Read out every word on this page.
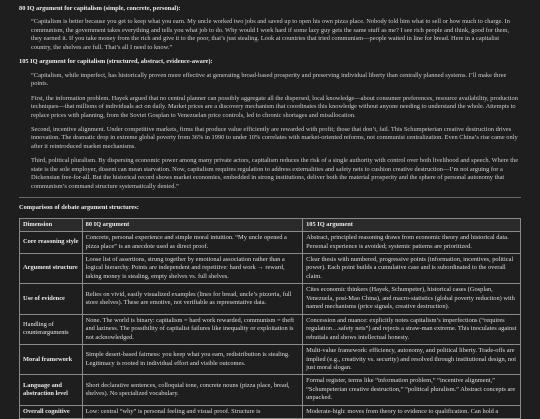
80 IQ argument for capitalism (simple, concrete, personal):

“Capitalism is better because you get to keep what you earn. My uncle worked two jobs and saved up to open his own pizza place. Nobody told him what to sell or how much to charge. In communism, the government takes everything and tells you what job to do. Why would I work hard if some lazy guy gets the same stuff as me? I see rich people and think, good for them, they earned it. If you take money from the rich and give it to the poor, that’s just stealing. Look at countries that tried communism—people waited in line for bread. Here in a capitalist country, the shelves are full. That’s all I need to know.”

105 IQ argument for capitalism (structured, abstract, evidence-aware):

“Capitalism, while imperfect, has historically proven more effective at generating broad-based prosperity and preserving individual liberty than centrally planned systems. I’ll make three points.

First, the information problem. Hayek argued that no central planner can possibly aggregate all the dispersed, local knowledge—about consumer preferences, resource availability, production techniques—that millions of individuals act on daily. Market prices are a discovery mechanism that coordinates this knowledge without anyone needing to understand the whole. Attempts to replace prices with planning, from the Soviet Gosplan to Venezuelan price controls, led to chronic shortages and misallocation.

Second, incentive alignment. Under competitive markets, firms that produce value efficiently are rewarded with profit; those that don’t, fail. This Schumpeterian creative destruction drives innovation. The dramatic drop in extreme global poverty from 36% in 1990 to under 10% correlates with market-oriented reforms, not communist centralization. Even China’s rise came only after it reintroduced market mechanisms.

Third, political pluralism. By dispersing economic power among many private actors, capitalism reduces the risk of a single authority with control over both livelihood and speech. Where the state is the sole employer, dissent can mean starvation. Now, capitalism requires regulation to address externalities and safety nets to cushion creative destruction—I’m not arguing for a Dickensian free-for-all. But the historical record shows market economies, embedded in strong institutions, deliver both the material prosperity and the sphere of personal autonomy that communism’s command structure systematically denied.”

Comparison of debate argument structures:
Dimension	80 IQ argument	105 IQ argument
Core reasoning style	Concrete, personal experience and simple moral intuition. “My uncle opened a pizza place” is an anecdote used as direct proof.	Abstract, principled reasoning draws from economic theory and historical data. Personal experience is avoided; systemic patterns are prioritized.
Argument structure	Loose list of assertions, strung together by emotional association rather than a logical hierarchy. Points are independent and repetitive: hard work → reward, taking money is stealing, empty shelves vs. full shelves.	Clear thesis with numbered, progressive points (information, incentives, political power). Each point builds a cumulative case and is subordinated to the overall claim.
Use of evidence	Relies on vivid, easily visualized examples (lines for bread, uncle’s pizzeria, full store shelves). These are emotive, not verifiable as representative data.	Cites economic thinkers (Hayek, Schumpeter), historical cases (Gosplan, Venezuela, post-Mao China), and macro-statistics (global poverty reduction) with named mechanisms (price signals, creative destruction).
Handling of counterarguments	None. The world is binary: capitalism = hard work rewarded, communism = theft and laziness. The possibility of capitalist failures like inequality or exploitation is not acknowledged.	Concession and nuance: explicitly notes capitalism’s imperfections (“requires regulation…safety nets”) and rejects a straw-man extreme. This inoculates against rebuttals and shows intellectual honesty.
Moral framework	Simple desert-based fairness: you keep what you earn, redistribution is stealing. Legitimacy is rooted in individual effort and visible outcomes.	Multi-value framework: efficiency, autonomy, and political liberty. Trade-offs are implied (e.g., creativity vs. security) and resolved through institutional design, not just moral slogan.
Language and abstraction level	Short declarative sentences, colloquial tone, concrete nouns (pizza place, bread, shelves). No specialized vocabulary.	Formal register, terms like “information problem,” “incentive alignment,” “Schumpeterian creative destruction,” “political pluralism.” Abstract concepts are unpacked.
Overall cognitive	Low: central “why” is personal feeling and visual proof. Structure is	Moderate-high: moves from theory to evidence to qualification. Can hold a
